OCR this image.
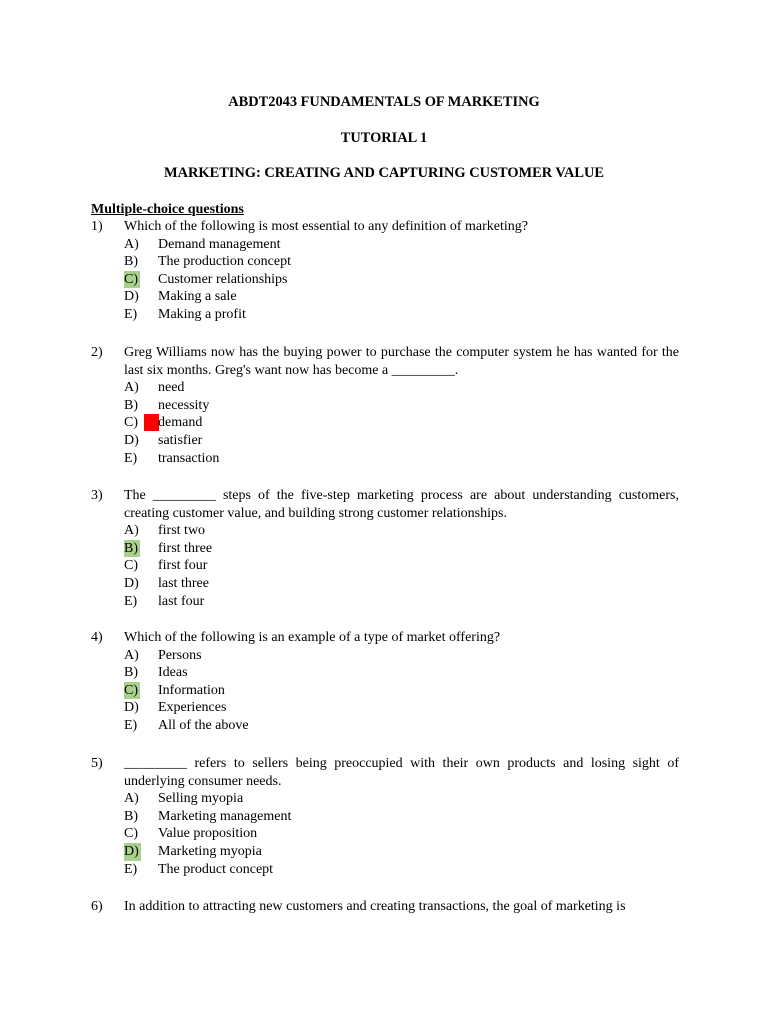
ABDT2043 FUNDAMENTALS OF MARKETING
TUTORIAL 1
MARKETING: CREATING AND CAPTURING CUSTOMER VALUE
Multiple-choice questions
1) Which of the following is most essential to any definition of marketing?
A) Demand management
B) The production concept
C) Customer relationships
D) Making a sale
E) Making a profit
2) Greg Williams now has the buying power to purchase the computer system he has wanted for the last six months. Greg's want now has become a _________.
A) need
B) necessity
C) demand
D) satisfier
E) transaction
3) The _________ steps of the five-step marketing process are about understanding customers, creating customer value, and building strong customer relationships.
A) first two
B) first three
C) first four
D) last three
E) last four
4) Which of the following is an example of a type of market offering?
A) Persons
B) Ideas
C) Information
D) Experiences
E) All of the above
5) _________ refers to sellers being preoccupied with their own products and losing sight of underlying consumer needs.
A) Selling myopia
B) Marketing management
C) Value proposition
D) Marketing myopia
E) The product concept
6) In addition to attracting new customers and creating transactions, the goal of marketing is
